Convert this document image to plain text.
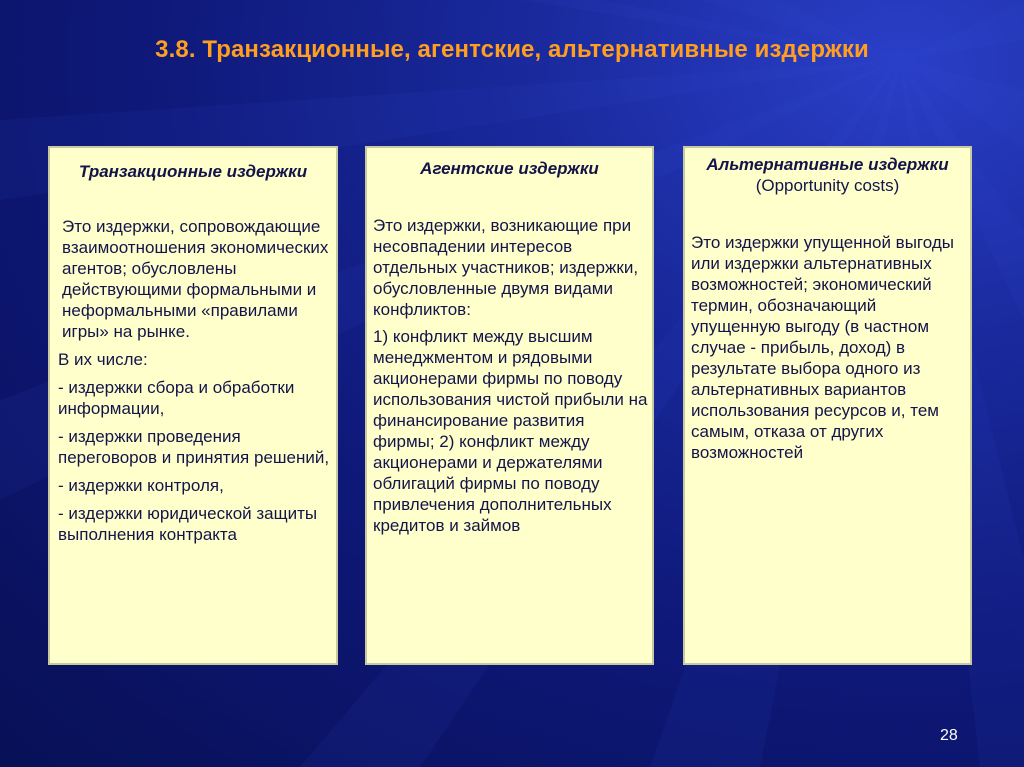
3.8. Транзакционные, агентские, альтернативные издержки

Транзакционные издержки

Это издержки, сопровождающие взаимоотношения экономических агентов; обусловлены действующими формальными и неформальными «правилами игры» на рынке.

В их числе:

- издержки сбора и обработки информации,

- издержки проведения переговоров и принятия решений,

- издержки контроля,

- издержки юридической защиты выполнения контракта

Агентские издержки

Это издержки, возникающие при несовпадении интересов отдельных участников; издержки, обусловленные двумя видами конфликтов:

1) конфликт между высшим менеджментом и рядовыми акционерами фирмы по поводу использования чистой прибыли на финансирование развития фирмы; 2) конфликт между акционерами и держателями облигаций фирмы по поводу привлечения дополнительных кредитов и займов

Альтернативные издержки (Opportunity costs)

Это издержки упущенной выгоды или издержки альтернативных возможностей; экономический термин, обозначающий упущенную выгоду (в частном случае - прибыль, доход) в результате выбора одного из альтернативных вариантов использования ресурсов и, тем самым, отказа от других возможностей

28
